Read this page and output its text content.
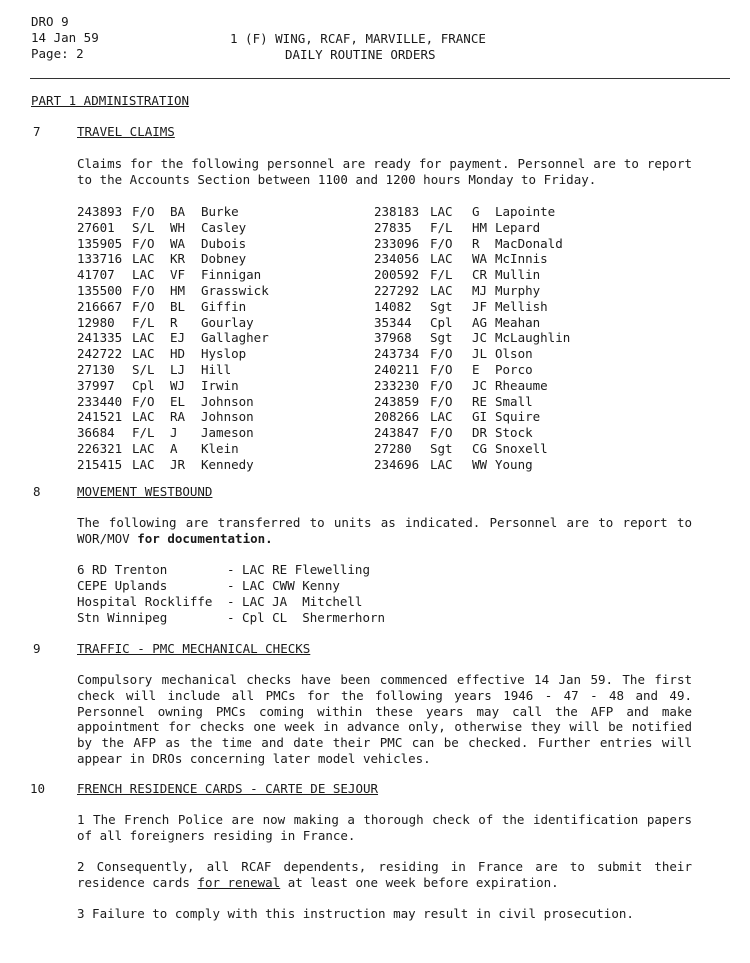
DRO 9
14 Jan 59
Page: 2
1 (F) WING, RCAF, MARVILLE, FRANCE
DAILY ROUTINE ORDERS
PART 1 ADMINISTRATION
7	TRAVEL CLAIMS
Claims for the following personnel are ready for payment. Personnel are to report to the Accounts Section between 1100 and 1200 hours Monday to Friday.
243893	F/O	BA	Burke
27601	S/L	WH	Casley
135905	F/O	WA	Dubois
133716	LAC	KR	Dobney
41707	LAC	VF	Finnigan
135500	F/O	HM	Grasswick
216667	F/O	BL	Giffin
12980	F/L	R	Gourlay
241335	LAC	EJ	Gallagher
242722	LAC	HD	Hyslop
27130	S/L	LJ	Hill
37997	Cpl	WJ	Irwin
233440	F/O	EL	Johnson
241521	LAC	RA	Johnson
36684	F/L	J	Jameson
226321	LAC	A	Klein
215415	LAC	JR	Kennedy
238183	LAC	G	Lapointe
27835	F/L	HM	Lepard
233096	F/O	R	MacDonald
234056	LAC	WA	McInnis
200592	F/L	CR	Mullin
227292	LAC	MJ	Murphy
14082	Sgt	JF	Mellish
35344	Cpl	AG	Meahan
37968	Sgt	JC	McLaughlin
243734	F/O	JL	Olson
240211	F/O	E	Porco
233230	F/O	JC	Rheaume
243859	F/O	RE	Small
208266	LAC	GI	Squire
243847	F/O	DR	Stock
27280	Sgt	CG	Snoxell
234696	LAC	WW	Young
8	MOVEMENT WESTBOUND
The following are transferred to units as indicated. Personnel are to report to WOR/MOV for documentation.
6 RD Trenton	- LAC RE Flewelling
CEPE Uplands	- LAC CWW Kenny
Hospital Rockliffe	- LAC JA  Mitchell
Stn Winnipeg	- Cpl CL  Shermerhorn
9	TRAFFIC - PMC MECHANICAL CHECKS
Compulsory mechanical checks have been commenced effective 14 Jan 59. The first check will include all PMCs for the following years 1946 - 47 - 48 and 49. Personnel owning PMCs coming within these years may call the AFP and make appointment for checks one week in advance only, otherwise they will be notified by the AFP as the time and date their PMC can be checked. Further entries will appear in DROs concerning later model vehicles.
10	FRENCH RESIDENCE CARDS - CARTE DE SEJOUR
1 The French Police are now making a thorough check of the identification papers of all foreigners residing in France.
2 Consequently, all RCAF dependents, residing in France are to submit their residence cards for renewal at least one week before expiration.
3 Failure to comply with this instruction may result in civil prosecution.
